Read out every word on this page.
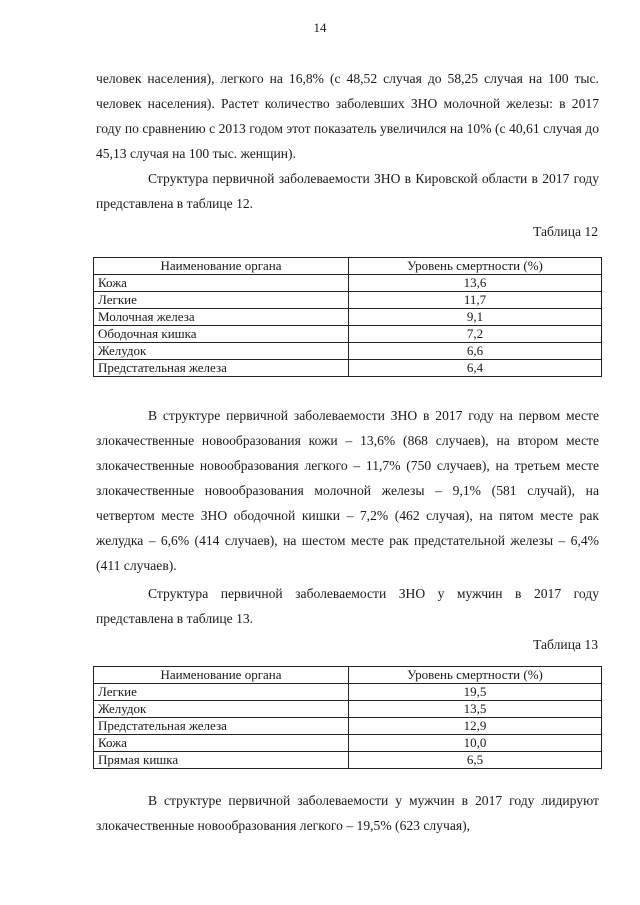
14

человек населения), легкого на 16,8% (с 48,52 случая до 58,25 случая на 100 тыс. человек населения). Растет количество заболевших ЗНО молочной железы: в 2017 году по сравнению с 2013 годом этот показатель увеличился на 10% (с 40,61 случая до 45,13 случая на 100 тыс. женщин).

Структура первичной заболеваемости ЗНО в Кировской области в 2017 году представлена в таблице 12.

Таблица 12
Наименование органа	Уровень смертности (%)
Кожа	13,6
Легкие	11,7
Молочная железа	9,1
Ободочная кишка	7,2
Желудок	6,6
Предстательная железа	6,4

В структуре первичной заболеваемости ЗНО в 2017 году на первом месте злокачественные новообразования кожи – 13,6% (868 случаев), на втором месте злокачественные новообразования легкого – 11,7% (750 случаев), на третьем месте злокачественные новообразования молочной железы – 9,1% (581 случай), на четвертом месте ЗНО ободочной кишки – 7,2% (462 случая), на пятом месте рак желудка – 6,6% (414 случаев), на шестом месте рак предстательной железы – 6,4% (411 случаев).

Структура первичной заболеваемости ЗНО у мужчин в 2017 году представлена в таблице 13.

Таблица 13
Наименование органа	Уровень смертности (%)
Легкие	19,5
Желудок	13,5
Предстательная железа	12,9
Кожа	10,0
Прямая кишка	6,5

В структуре первичной заболеваемости у мужчин в 2017 году лидируют злокачественные новообразования легкого – 19,5% (623 случая),
